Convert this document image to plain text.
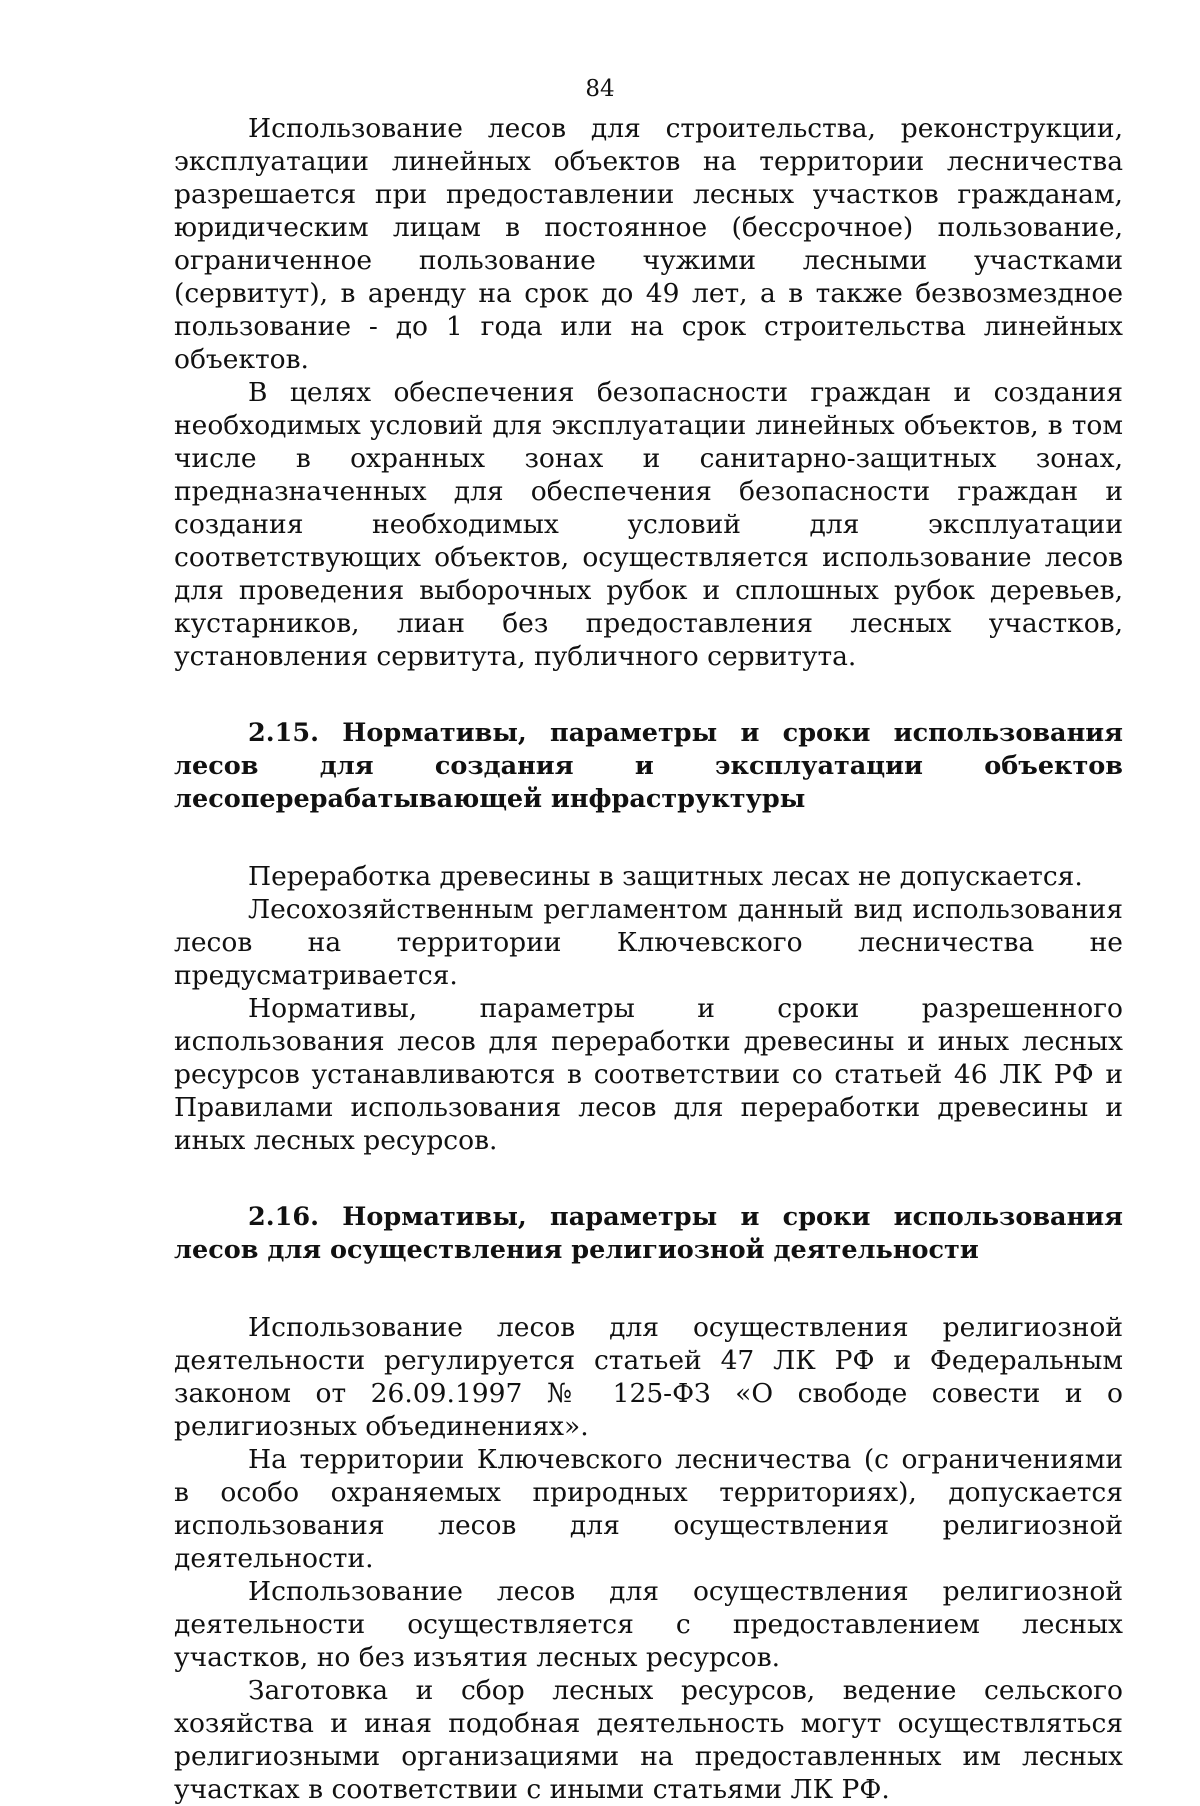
84

Использование лесов для строительства, реконструкции, эксплуатации линейных объектов на территории лесничества разрешается при предоставлении лесных участков гражданам, юридическим лицам в постоянное (бессрочное) пользование, ограниченное пользование чужими лесными участками (сервитут), в аренду на срок до 49 лет, а в также безвозмездное пользование - до 1 года или на срок строительства линейных объектов.

В целях обеспечения безопасности граждан и создания необходимых условий для эксплуатации линейных объектов, в том числе в охранных зонах и санитарно-защитных зонах, предназначенных для обеспечения безопасности граждан и создания необходимых условий для эксплуатации соответствующих объектов, осуществляется использование лесов для проведения выборочных рубок и сплошных рубок деревьев, кустарников, лиан без предоставления лесных участков, установления сервитута, публичного сервитута.

2.15. Нормативы, параметры и сроки использования лесов для создания и эксплуатации объектов лесоперерабатывающей инфраструктуры

Переработка древесины в защитных лесах не допускается.

Лесохозяйственным регламентом данный вид использования лесов на территории Ключевского лесничества не предусматривается.

Нормативы, параметры и сроки разрешенного использования лесов для переработки древесины и иных лесных ресурсов устанавливаются в соответствии со статьей 46 ЛК РФ и Правилами использования лесов для переработки древесины и иных лесных ресурсов.

2.16. Нормативы, параметры и сроки использования лесов для осуществления религиозной деятельности

Использование лесов для осуществления религиозной деятельности регулируется статьей 47 ЛК РФ и Федеральным законом от 26.09.1997 № 125-ФЗ «О свободе совести и о религиозных объединениях».

На территории Ключевского лесничества (с ограничениями в особо охраняемых природных территориях), допускается использования лесов для осуществления религиозной деятельности.

Использование лесов для осуществления религиозной деятельности осуществляется с предоставлением лесных участков, но без изъятия лесных ресурсов.

Заготовка и сбор лесных ресурсов, ведение сельского хозяйства и иная подобная деятельность могут осуществляться религиозными организациями на предоставленных им лесных участках в соответствии с иными статьями ЛК РФ.
